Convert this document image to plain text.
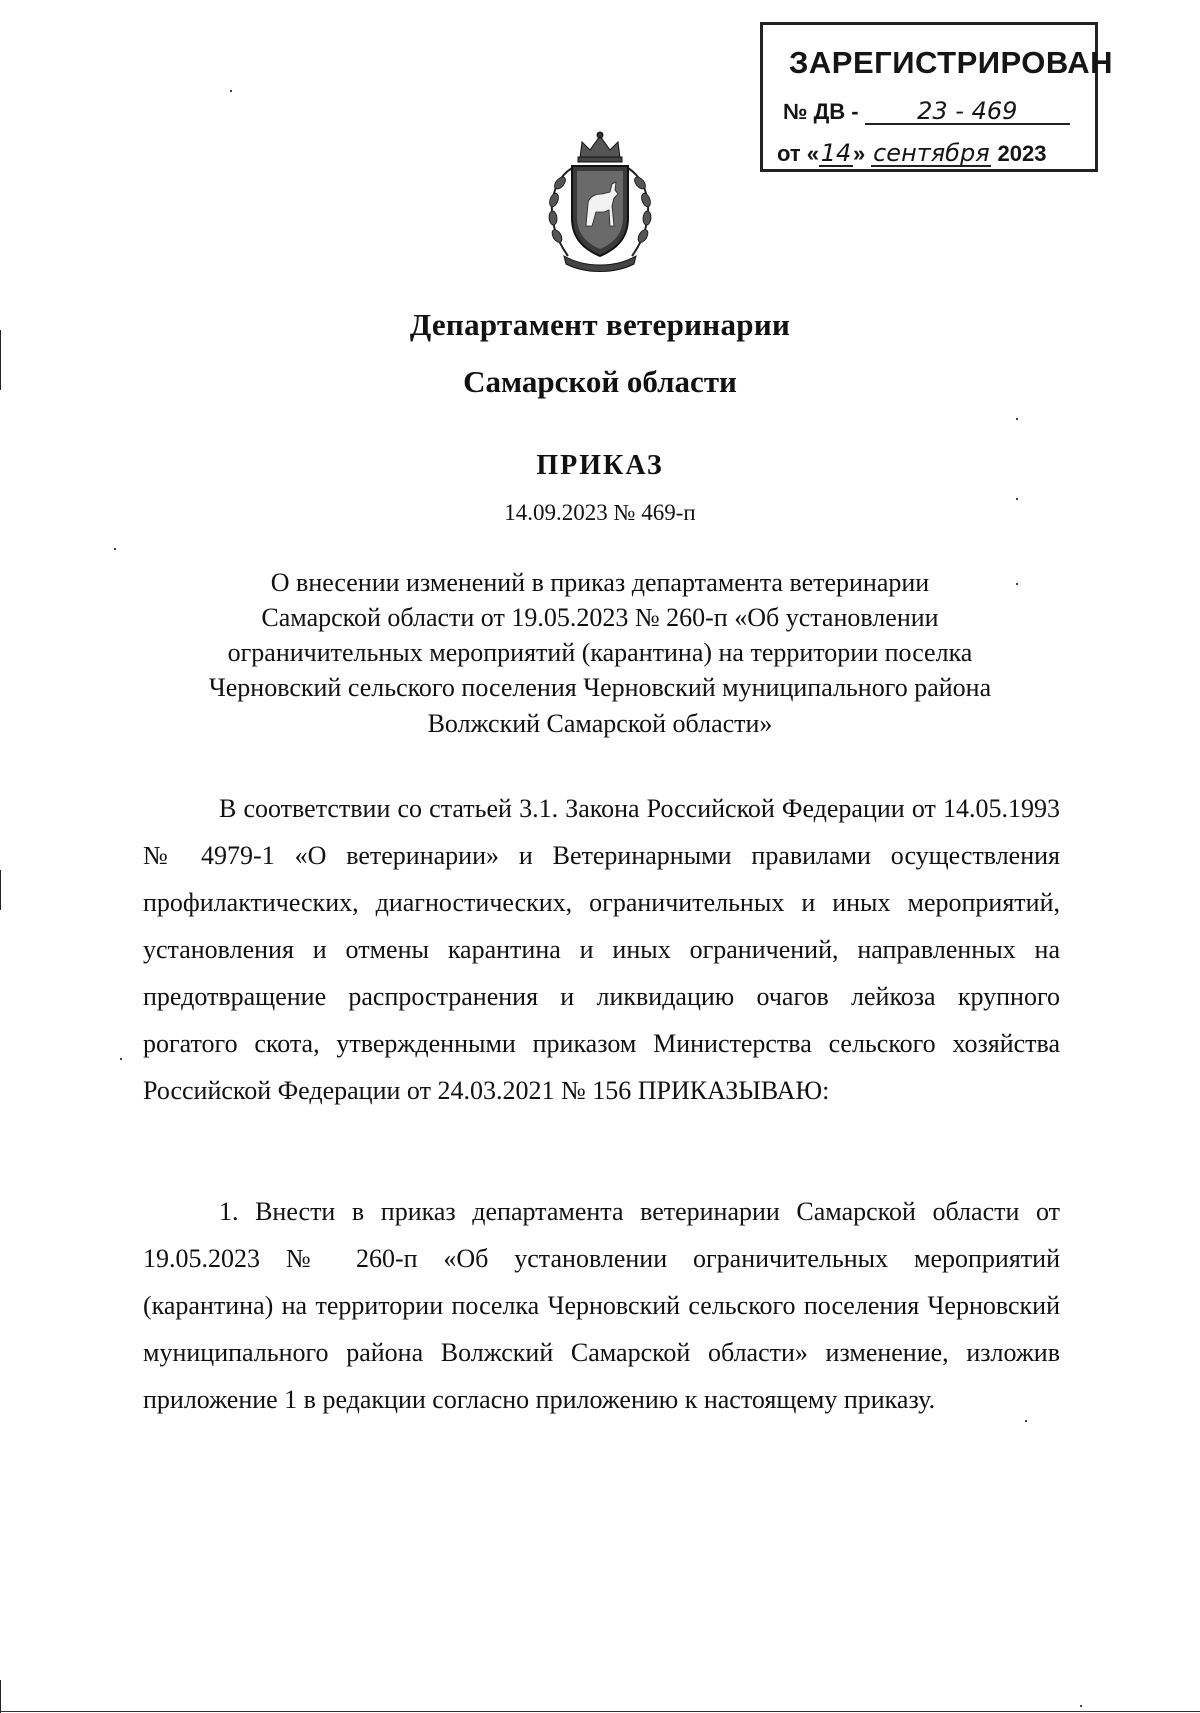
ЗАРЕГИСТРИРОВАН
№ ДВ - 23 - 469
от «14» сентября 2023
Департамент ветеринарии
Самарской области
ПРИКАЗ
14.09.2023 № 469-п
О внесении изменений в приказ департамента ветеринарии
Самарской области от 19.05.2023 № 260-п «Об установлении
ограничительных мероприятий (карантина) на территории поселка
Черновский сельского поселения Черновский муниципального района
Волжский Самарской области»

В соответствии со статьей 3.1. Закона Российской Федерации от 14.05.1993 № 4979-1 «О ветеринарии» и Ветеринарными правилами осуществления профилактических, диагностических, ограничительных и иных мероприятий, установления и отмены карантина и иных ограничений, направленных на предотвращение распространения и ликвидацию очагов лейкоза крупного рогатого скота, утвержденными приказом Министерства сельского хозяйства Российской Федерации от 24.03.2021 № 156 ПРИКАЗЫВАЮ:

1. Внести в приказ департамента ветеринарии Самарской области от 19.05.2023 № 260-п «Об установлении ограничительных мероприятий (карантина) на территории поселка Черновский сельского поселения Черновский муниципального района Волжский Самарской области» изменение, изложив приложение 1 в редакции согласно приложению к настоящему приказу.
